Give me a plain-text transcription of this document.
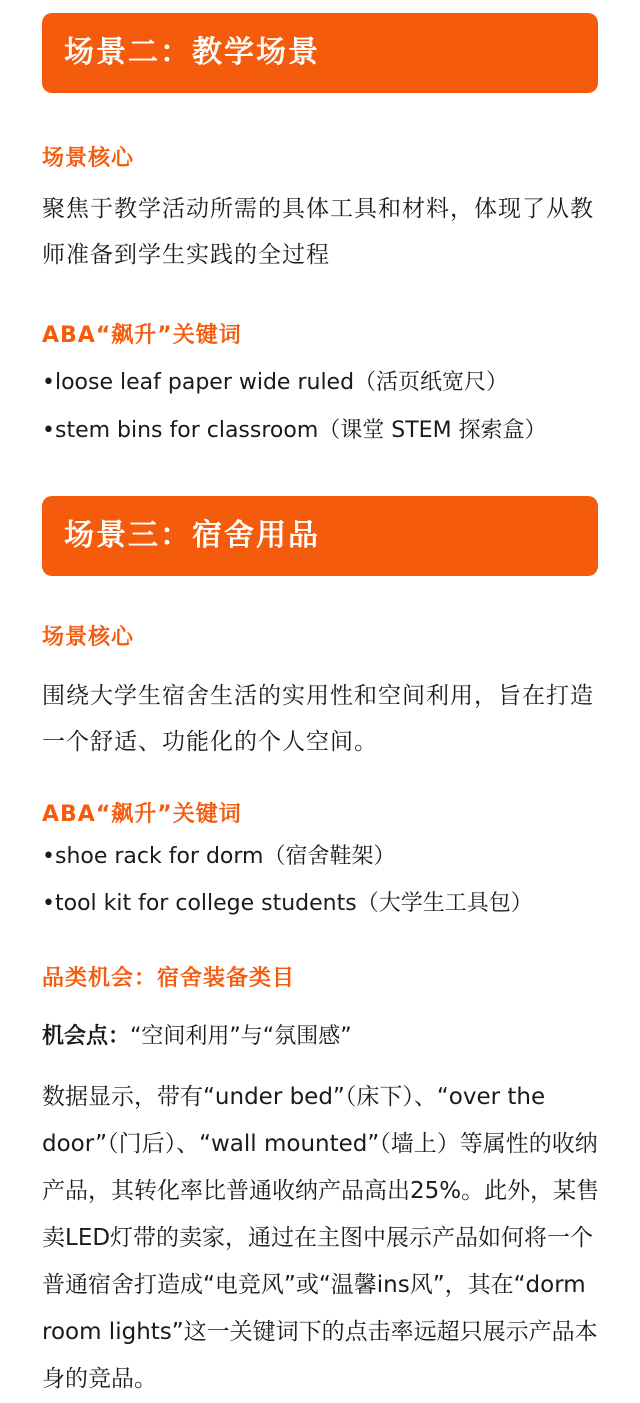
场景二：教学场景
场景核心

聚焦于教学活动所需的具体工具和材料，体现了从教师准备到学生实践的全过程

ABA“飙升”关键词
•loose leaf paper wide ruled（活页纸宽尺）
•stem bins for classroom（课堂 STEM 探索盒）
场景三：宿舍用品
场景核心

围绕大学生宿舍生活的实用性和空间利用，旨在打造一个舒适、功能化的个人空间。

ABA“飙升”关键词
•shoe rack for dorm（宿舍鞋架）
•tool kit for college students（大学生工具包）
品类机会：宿舍装备类目
机会点：“空间利用”与“氛围感”

数据显示，带有“under bed”（床下）、“over the door”（门后）、“wall mounted”（墙上）等属性的收纳产品，其转化率比普通收纳产品高出25%。此外，某售卖LED灯带的卖家，通过在主图中展示产品如何将一个普通宿舍打造成“电竞风”或“温馨ins风”，其在“dorm room lights”这一关键词下的点击率远超只展示产品本身的竞品。
